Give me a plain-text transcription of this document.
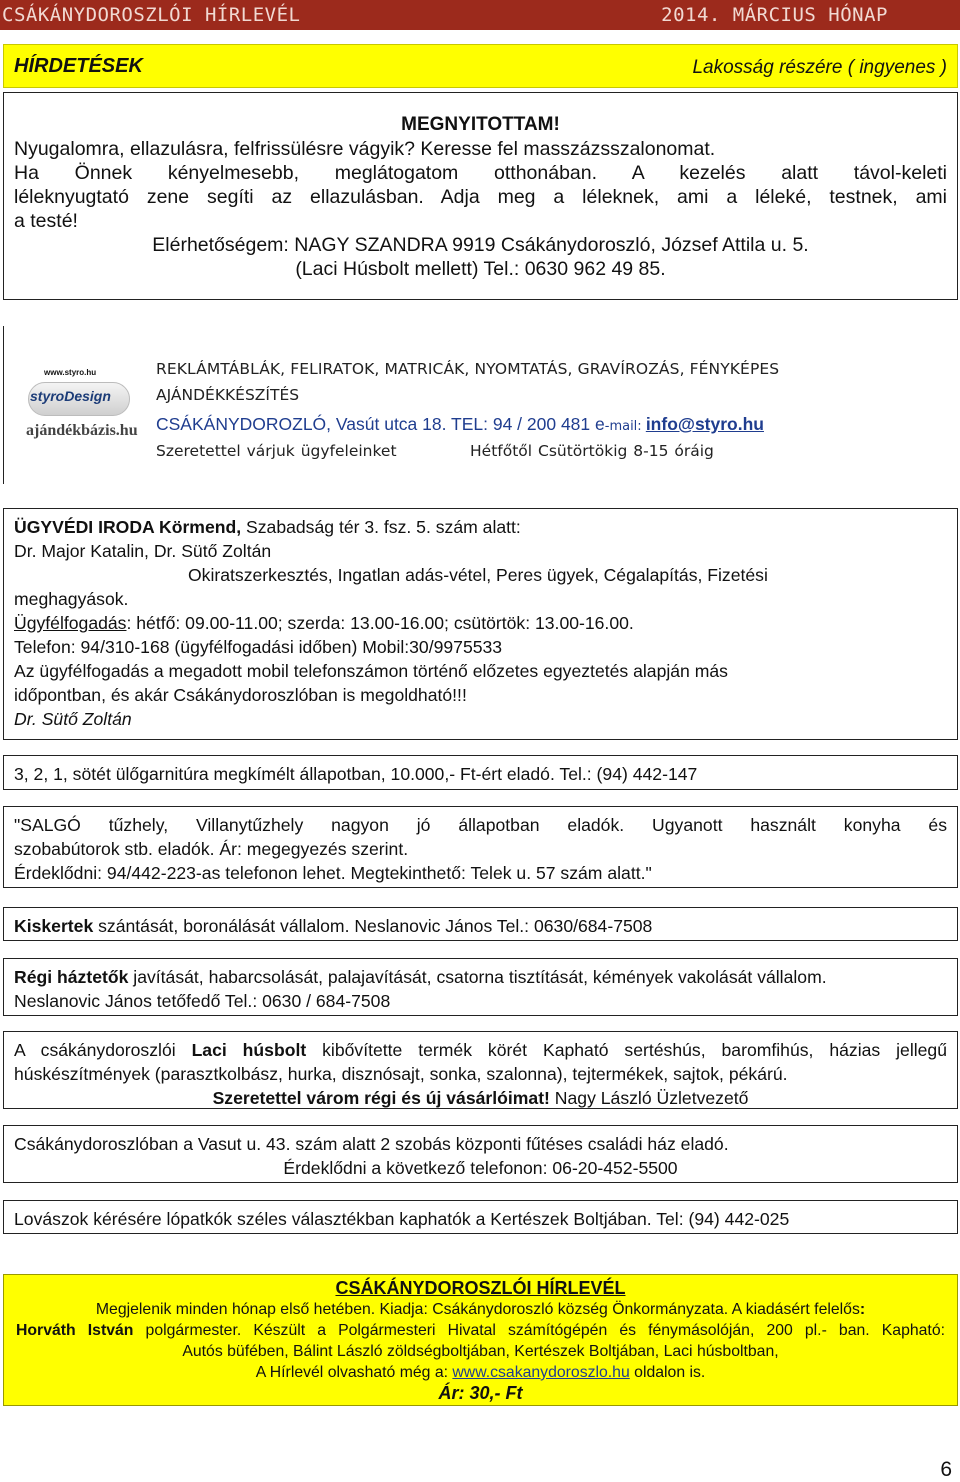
CSÁKÁNYDOROSZLÓI HÍRLEVÉL	2014. MÁRCIUS HÓNAP
HÍRDETÉSEK	Lakosság részére ( ingyenes )
MEGNYITOTTAM!
Nyugalomra, ellazulásra, felfrissülésre vágyik? Keresse fel masszázsszalonomat.
Ha Önnek kényelmesebb, meglátogatom otthonában. A kezelés alatt távol-keleti
léleknyugtató zene segíti az ellazulásban. Adja meg a léleknek, ami a léleké, testnek, ami
a testé!
Elérhetőségem: NAGY SZANDRA 9919 Csákánydoroszló, József Attila u. 5.
(Laci Húsbolt mellett) Tel.: 0630 962 49 85.
www.styro.hu
styroDesign
ajándékbázis.hu
REKLÁMTÁBLÁK, FELIRATOK, MATRICÁK, NYOMTATÁS, GRAVÍROZÁS, FÉNYKÉPES
AJÁNDÉKKÉSZÍTÉS
CSÁKÁNYDOROZLÓ, Vasút utca 18. TEL: 94 / 200 481 e-mail: info@styro.hu
Szeretettel várjuk ügyfeleinket	Hétfőtől Csütörtökig 8-15 óráig
ÜGYVÉDI IRODA Körmend, Szabadság tér 3. fsz. 5. szám alatt:
Dr. Major Katalin, Dr. Sütő Zoltán
Okiratszerkesztés, Ingatlan adás-vétel, Peres ügyek, Cégalapítás, Fizetési
meghagyások.
Ügyfélfogadás: hétfő: 09.00-11.00; szerda: 13.00-16.00; csütörtök: 13.00-16.00.
Telefon: 94/310-168 (ügyfélfogadási időben) Mobil:30/9975533
Az ügyfélfogadás a megadott mobil telefonszámon történő előzetes egyeztetés alapján más
időpontban, és akár Csákánydoroszlóban is megoldható!!!
Dr. Sütő Zoltán
3, 2, 1, sötét ülőgarnitúra megkímélt állapotban, 10.000,- Ft-ért eladó. Tel.: (94) 442-147
"SALGÓ tűzhely, Villanytűzhely nagyon jó állapotban eladók. Ugyanott használt konyha és
szobabútorok stb. eladók. Ár: megegyezés szerint.
Érdeklődni: 94/442-223-as telefonon lehet. Megtekinthető: Telek u. 57 szám alatt."
Kiskertek szántását, boronálását vállalom. Neslanovic János Tel.: 0630/684-7508
Régi háztetők javítását, habarcsolását, palajavítását, csatorna tisztítását, kémények vakolását vállalom.
Neslanovic János tetőfedő Tel.: 0630 / 684-7508
A csákánydoroszlói Laci húsbolt kibővítette termék körét Kapható sertéshús, baromfihús, házias jellegű
húskészítmények (parasztkolbász, hurka, disznósajt, sonka, szalonna), tejtermékek, sajtok, pékárú.
Szeretettel várom régi és új vásárlóimat! Nagy László Üzletvezető
Csákánydoroszlóban a Vasut u. 43. szám alatt 2 szobás központi fűtéses családi ház eladó.
Érdeklődni a következő telefonon: 06-20-452-5500
Lovászok kérésére lópatkók széles választékban kaphatók a Kertészek Boltjában. Tel: (94) 442-025
CSÁKÁNYDOROSZLÓI HÍRLEVÉL
Megjelenik minden hónap első hetében. Kiadja: Csákánydoroszló község Önkormányzata. A kiadásért felelős:
Horváth István polgármester. Készült a Polgármesteri Hivatal számítógépén és fénymásolóján, 200 pl.- ban. Kapható:
Autós büfében, Bálint László zöldségboltjában, Kertészek Boltjában, Laci húsboltban,
A Hírlevél olvasható még a: www.csakanydoroszlo.hu oldalon is.
Ár: 30,- Ft
6
